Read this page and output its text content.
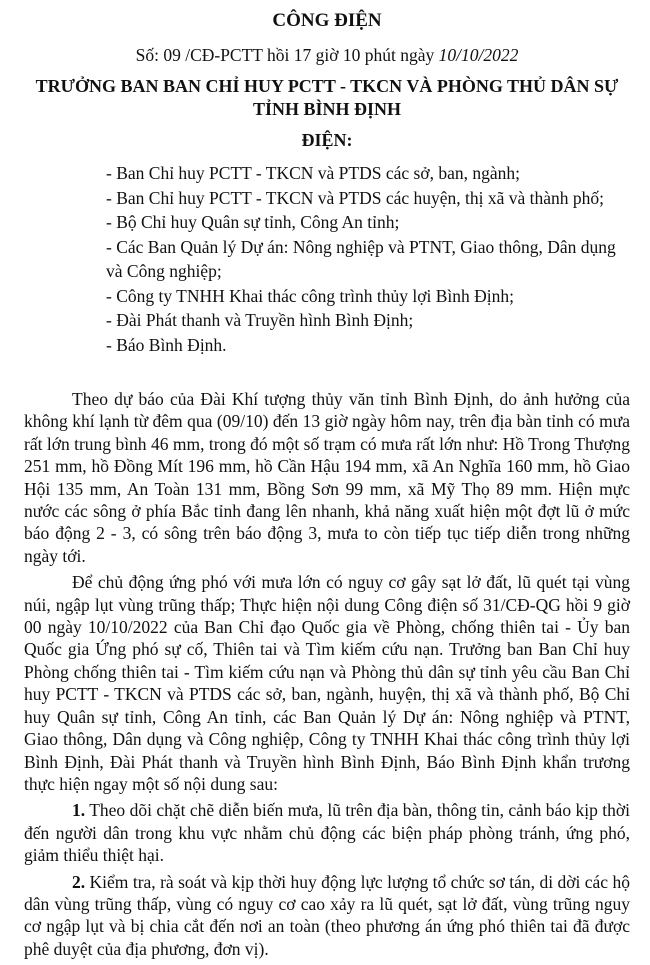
CÔNG ĐIỆN
Số: 09 /CĐ-PCTT hồi 17 giờ 10 phút ngày 10/10/2022
TRƯỞNG BAN BAN CHỈ HUY PCTT - TKCN VÀ PHÒNG THỦ DÂN SỰ TỈNH BÌNH ĐỊNH
ĐIỆN:
- Ban Chỉ huy PCTT - TKCN và PTDS các sở, ban, ngành;
- Ban Chỉ huy PCTT - TKCN và PTDS các huyện, thị xã và thành phố;
- Bộ Chỉ huy Quân sự tỉnh, Công An tỉnh;
- Các Ban Quản lý Dự án: Nông nghiệp và PTNT, Giao thông, Dân dụng và Công nghiệp;
- Công ty TNHH Khai thác công trình thủy lợi Bình Định;
- Đài Phát thanh và Truyền hình Bình Định;
- Báo Bình Định.

Theo dự báo của Đài Khí tượng thủy văn tỉnh Bình Định, do ảnh hưởng của không khí lạnh từ đêm qua (09/10) đến 13 giờ ngày hôm nay, trên địa bàn tỉnh có mưa rất lớn trung bình 46 mm, trong đó một số trạm có mưa rất lớn như: Hồ Trong Thượng 251 mm, hồ Đồng Mít 196 mm, hồ Cần Hậu 194 mm, xã An Nghĩa 160 mm, hồ Giao Hội 135 mm, An Toàn 131 mm, Bồng Sơn 99 mm, xã Mỹ Thọ 89 mm. Hiện mực nước các sông ở phía Bắc tỉnh đang lên nhanh, khả năng xuất hiện một đợt lũ ở mức báo động 2 - 3, có sông trên báo động 3, mưa to còn tiếp tục tiếp diễn trong những ngày tới.

Để chủ động ứng phó với mưa lớn có nguy cơ gây sạt lở đất, lũ quét tại vùng núi, ngập lụt vùng trũng thấp; Thực hiện nội dung Công điện số 31/CĐ-QG hồi 9 giờ 00 ngày 10/10/2022 của Ban Chỉ đạo Quốc gia về Phòng, chống thiên tai - Ủy ban Quốc gia Ứng phó sự cố, Thiên tai và Tìm kiếm cứu nạn. Trưởng ban Ban Chỉ huy Phòng chống thiên tai - Tìm kiếm cứu nạn và Phòng thủ dân sự tỉnh yêu cầu Ban Chỉ huy PCTT - TKCN và PTDS các sở, ban, ngành, huyện, thị xã và thành phố, Bộ Chỉ huy Quân sự tỉnh, Công An tỉnh, các Ban Quản lý Dự án: Nông nghiệp và PTNT, Giao thông, Dân dụng và Công nghiệp, Công ty TNHH Khai thác công trình thủy lợi Bình Định, Đài Phát thanh và Truyền hình Bình Định, Báo Bình Định khẩn trương thực hiện ngay một số nội dung sau:

1. Theo dõi chặt chẽ diễn biến mưa, lũ trên địa bàn, thông tin, cảnh báo kịp thời đến người dân trong khu vực nhằm chủ động các biện pháp phòng tránh, ứng phó, giảm thiểu thiệt hại.

2. Kiểm tra, rà soát và kịp thời huy động lực lượng tổ chức sơ tán, di dời các hộ dân vùng trũng thấp, vùng có nguy cơ cao xảy ra lũ quét, sạt lở đất, vùng trũng nguy cơ ngập lụt và bị chia cắt đến nơi an toàn (theo phương án ứng phó thiên tai đã được phê duyệt của địa phương, đơn vị).
